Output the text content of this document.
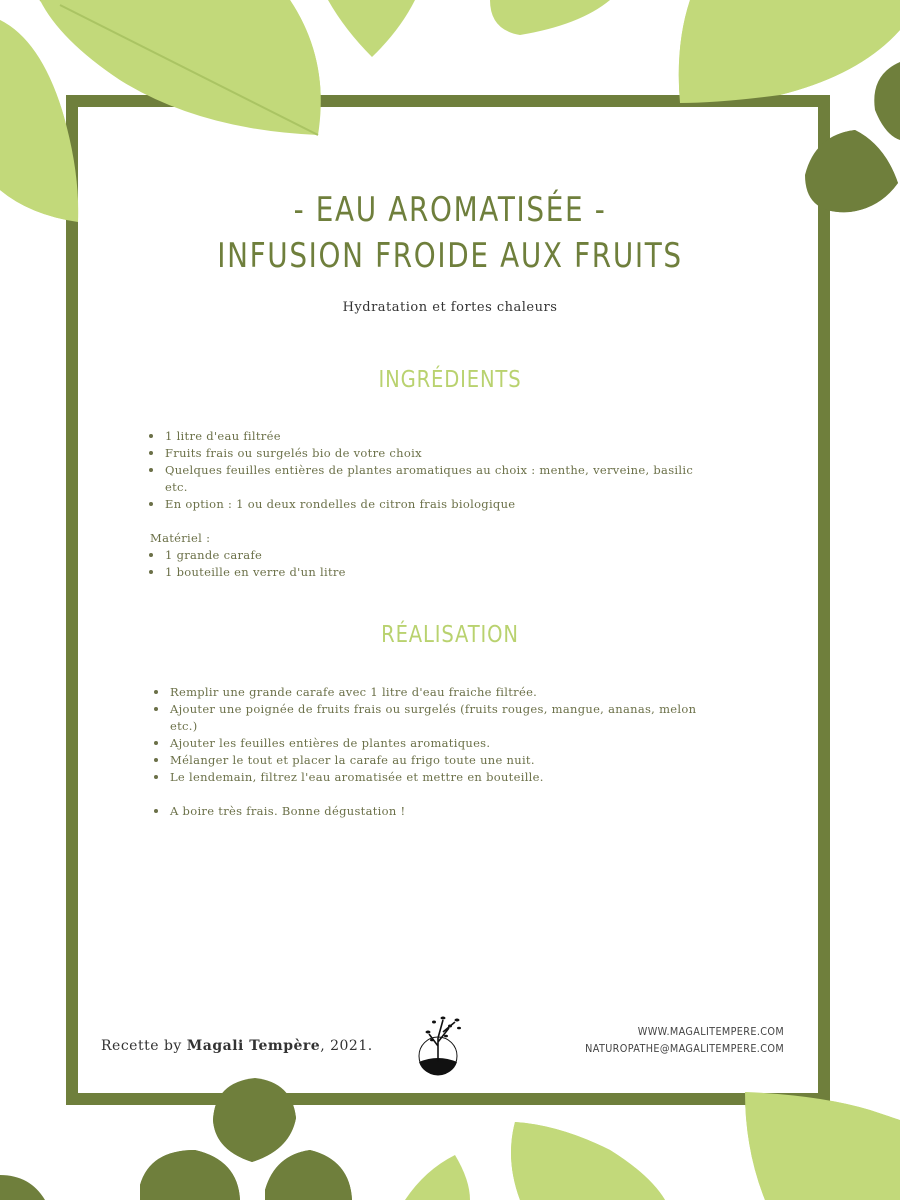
- EAU AROMATISÉE -
INFUSION FROIDE AUX FRUITS
Hydratation et fortes chaleurs
INGRÉDIENTS
1 litre d'eau filtrée
Fruits frais ou surgelés bio de votre choix
Quelques feuilles entières de plantes aromatiques au choix : menthe, verveine, basilic etc.
En option : 1 ou deux rondelles de citron frais biologique
Matériel :
1 grande carafe
1 bouteille en verre d'un litre
RÉALISATION
Remplir une grande carafe avec 1 litre d'eau fraiche filtrée.
Ajouter une poignée de fruits frais ou surgelés (fruits rouges, mangue, ananas, melon etc.)
Ajouter les feuilles entières de plantes aromatiques.
Mélanger le tout et placer la carafe au frigo toute une nuit.
Le lendemain, filtrez l'eau aromatisée et mettre en bouteille.
A boire très frais. Bonne dégustation !
Recette by Magali Tempère, 2021.
WWW.MAGALITEMPERE.COM
NATUROPATHE@MAGALITEMPERE.COM
